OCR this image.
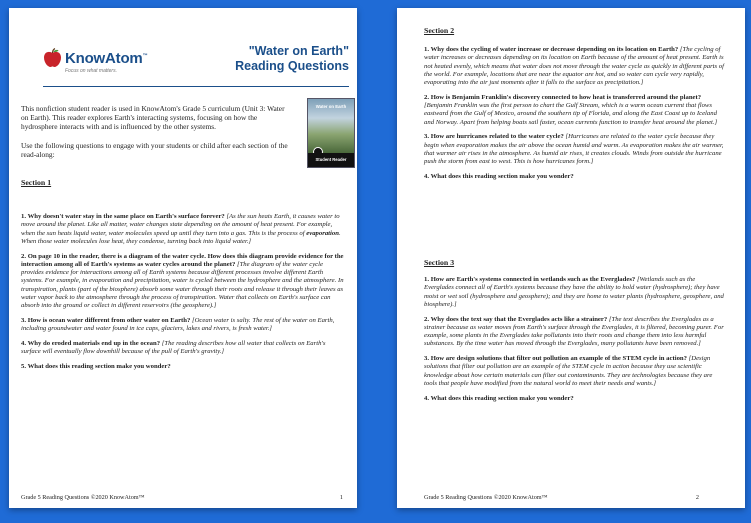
KnowAtom™
Focus on what matters.
"Water on Earth"
Reading Questions

This nonfiction student reader is used in KnowAtom's Grade 5 curriculum (Unit 3: Water on Earth). This reader explores Earth's interacting systems, focusing on how the hydrosphere interacts with and is influenced by the other systems.

Use the following questions to engage with your students or child after each section of the read-along:

Water on Earth
Student Reader
Section 1

1. Why doesn't water stay in the same place on Earth's surface forever? [As the sun heats Earth, it causes water to move around the planet. Like all matter, water changes state depending on the amount of heat present. For example, when the sun heats liquid water, water molecules speed up until they turn into a gas. This is the process of evaporation. When those water molecules lose heat, they condense, turning back into liquid water.]

2. On page 10 in the reader, there is a diagram of the water cycle. How does this diagram provide evidence for the interaction among all of Earth's systems as water cycles around the planet? [The diagram of the water cycle provides evidence for interactions among all of Earth systems because different processes involve different Earth systems. For example, in evaporation and precipitation, water is cycled between the hydrosphere and the atmosphere. In transpiration, plants (part of the biosphere) absorb some water through their roots and release it through their leaves as water vapor back to the atmosphere through the process of transpiration. Water that collects on Earth's surface can absorb into the ground or collect in different reservoirs (the geosphere).]

3. How is ocean water different from other water on Earth? [Ocean water is salty. The rest of the water on Earth, including groundwater and water found in ice caps, glaciers, lakes and rivers, is fresh water.]

4. Why do eroded materials end up in the ocean? [The reading describes how all water that collects on Earth's surface will eventually flow downhill because of the pull of Earth's gravity.]

5. What does this reading section make you wonder?

Grade 5 Reading Questions ©2020 KnowAtom™	1
Section 2

1. Why does the cycling of water increase or decrease depending on its location on Earth? [The cycling of water increases or decreases depending on its location on Earth because of the amount of heat present. Earth is not heated evenly, which means that water does not move through the water cycle as quickly in different parts of the world. For example, locations that are near the equator are hot, and so water can cycle very rapidly, evaporating into the air just moments after it falls to the surface as precipitation.]

2. How is Benjamin Franklin's discovery connected to how heat is transferred around the planet? [Benjamin Franklin was the first person to chart the Gulf Stream, which is a warm ocean current that flows eastward from the Gulf of Mexico, around the southern tip of Florida, and along the East Coast up to Iceland and Norway. Apart from helping boats sail faster, ocean currents function to transfer heat around the planet.]

3. How are hurricanes related to the water cycle? [Hurricanes are related to the water cycle because they begin when evaporation makes the air above the ocean humid and warm. As evaporation makes the air warmer, that warmer air rises in the atmosphere. As humid air rises, it creates clouds. Winds from outside the hurricane push the storm from east to west. This is how hurricanes form.]

4. What does this reading section make you wonder?

Section 3

1. How are Earth's systems connected in wetlands such as the Everglades? [Wetlands such as the Everglades connect all of Earth's systems because they have the ability to hold water (hydrosphere); they have moist or wet soil (hydrosphere and geosphere); and they are home to water plants (hydrosphere, geosphere, and biosphere).]

2. Why does the text say that the Everglades acts like a strainer? [The text describes the Everglades as a strainer because as water moves from Earth's surface through the Everglades, it is filtered, becoming purer. For example, some plants in the Everglades take pollutants into their roots and change them into less harmful substances. By the time water has moved through the Everglades, many pollutants have been removed.]

3. How are design solutions that filter out pollution an example of the STEM cycle in action? [Design solutions that filter out pollution are an example of the STEM cycle in action because they use scientific knowledge about how certain materials can filter out contaminants. They are technologies because they are tools that people have modified from the natural world to meet their needs and wants.]

4. What does this reading section make you wonder?

Grade 5 Reading Questions ©2020 KnowAtom™	2
